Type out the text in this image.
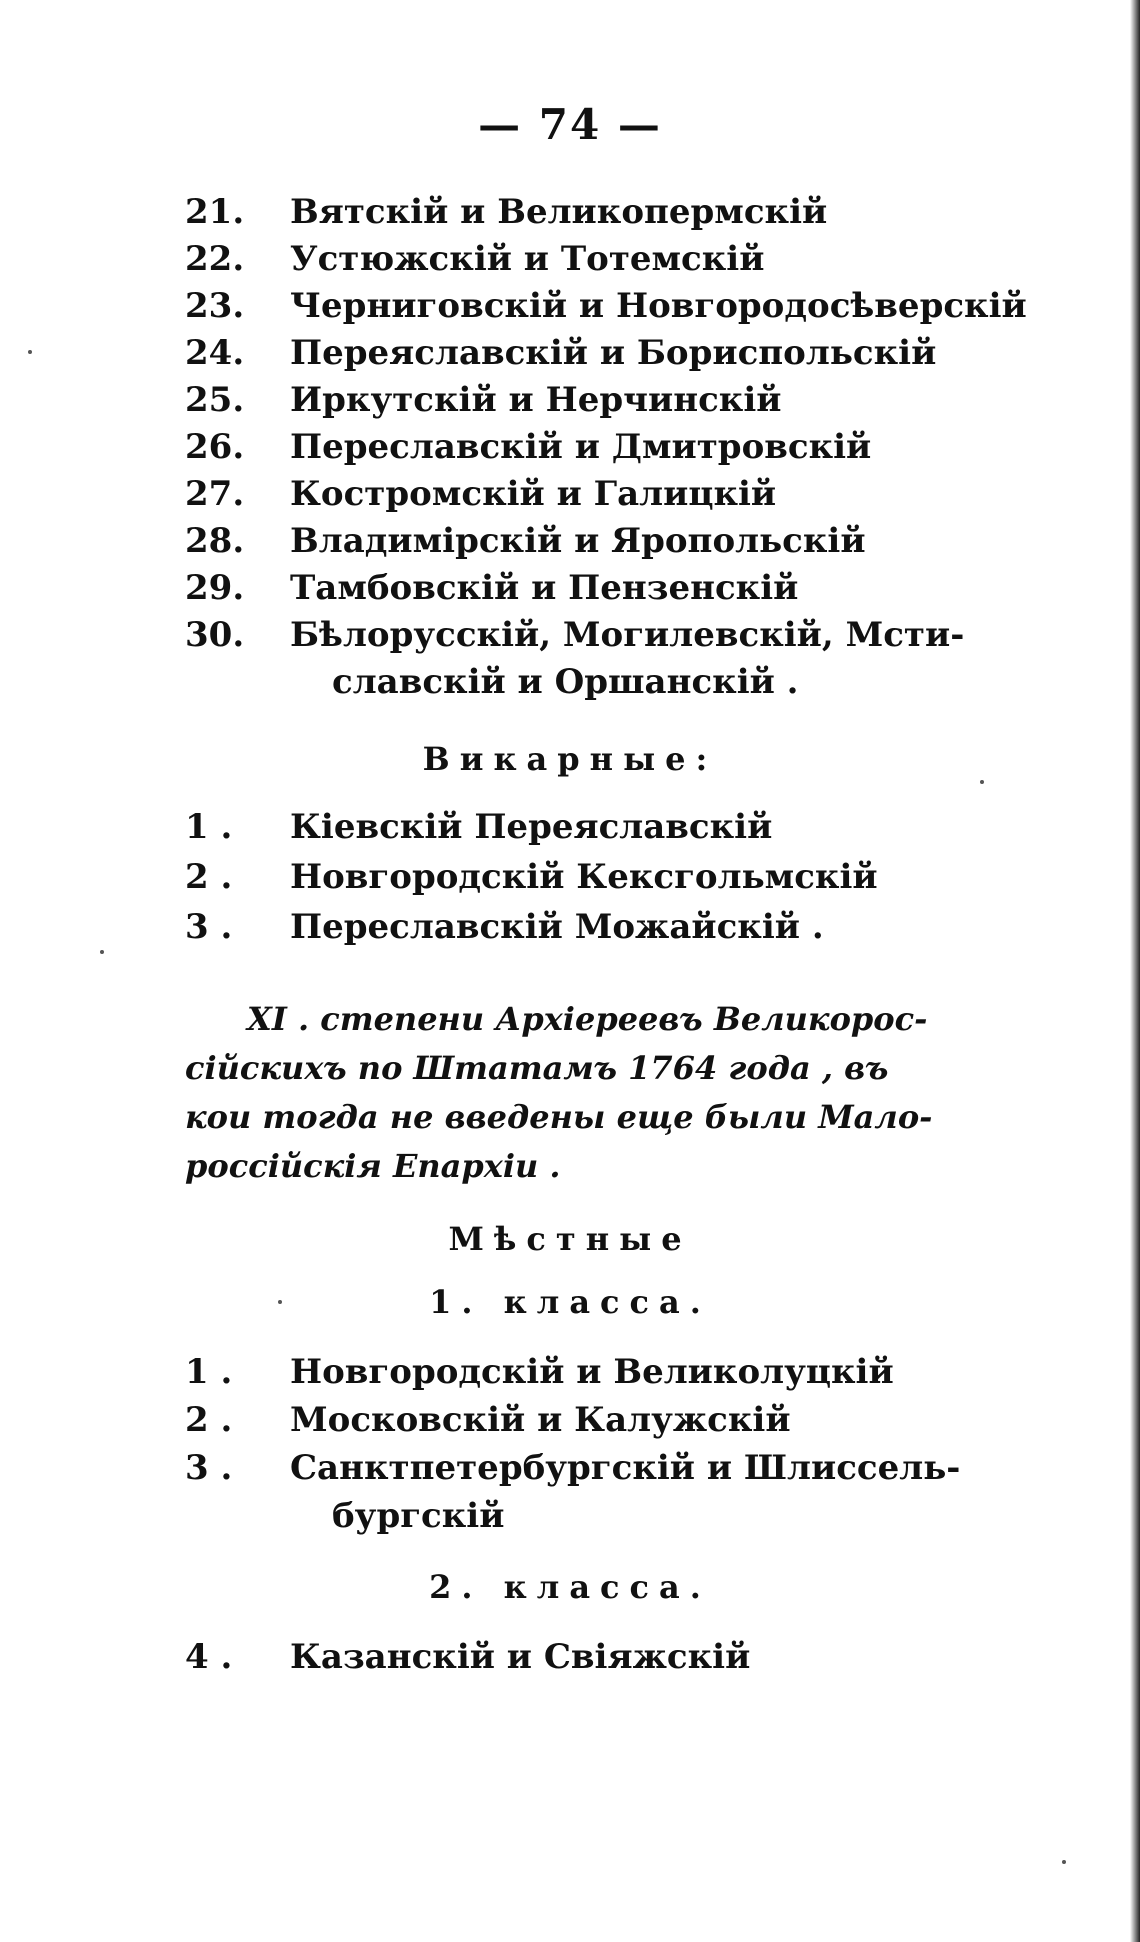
— 74 —
21.	Вятскій и Великопермскій
22.	Устюжскій и Тотемскій
23.	Черниговскій и Новгородосѣверскій
24.	Переяславскій и Бориспольскій
25.	Иркутскій и Нерчинскій
26.	Переславскій и Дмитровскій
27.	Костромскій и Галицкій
28.	Владимірскій и Яропольскій
29.	Тамбовскій и Пензенскій
30.	Бѣлорусскій, Могилевскій, Мсти-
славскій и Оршанскій .
Викарные:
1 .	Кіевскій Переяславскій
2 .	Новгородскій Кексгольмскій
3 .	Переславскій Можайскій .
XI . степени Архіереевъ Великорос-
сійскихъ по Штатамъ 1764 года , въ
кои тогда не введены еще были Мало-
россійскія Епархіи .
Мѣстные
1. класса.
1 .	Новгородскій и Великолуцкій
2 .	Московскій и Калужскій
3 .	Санктпетербургскій и Шлиссель-
бургскій
2. класса.
4 .	Казанскій и Свіяжскій
